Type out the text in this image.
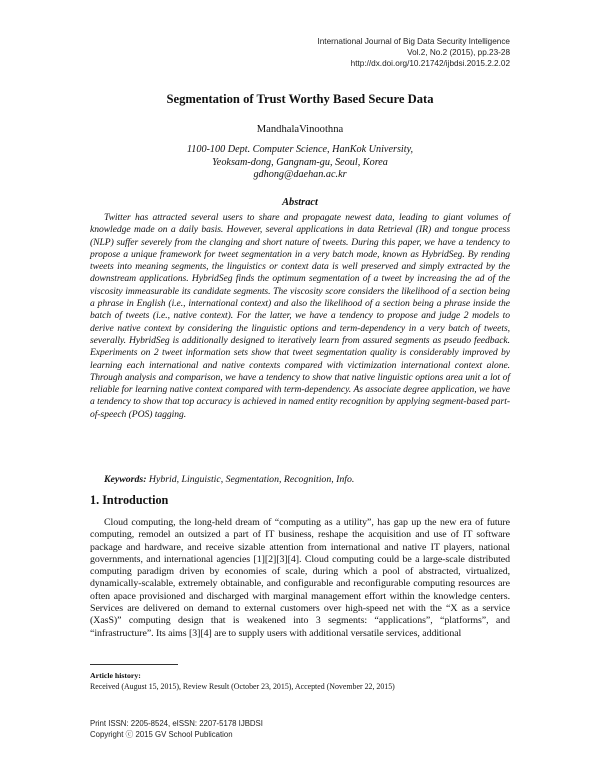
International Journal of Big Data Security Intelligence
Vol.2, No.2 (2015), pp.23-28
http://dx.doi.org/10.21742/ijbdsi.2015.2.2.02
Segmentation of Trust Worthy Based Secure Data
MandhalaVinoothna
1100-100 Dept. Computer Science, HanKok University,
Yeoksam-dong, Gangnam-gu, Seoul, Korea
gdhong@daehan.ac.kr
Abstract

Twitter has attracted several users to share and propagate newest data, leading to giant volumes of knowledge made on a daily basis. However, several applications in data Retrieval (IR) and tongue process (NLP) suffer severely from the clanging and short nature of tweets. During this paper, we have a tendency to propose a unique framework for tweet segmentation in a very batch mode, known as HybridSeg. By rending tweets into meaning segments, the linguistics or context data is well preserved and simply extracted by the downstream applications. HybridSeg finds the optimum segmentation of a tweet by increasing the ad of the viscosity immeasurable its candidate segments. The viscosity score considers the likelihood of a section being a phrase in English (i.e., international context) and also the likelihood of a section being a phrase inside the batch of tweets (i.e., native context). For the latter, we have a tendency to propose and judge 2 models to derive native context by considering the linguistic options and term-dependency in a very batch of tweets, severally. HybridSeg is additionally designed to iteratively learn from assured segments as pseudo feedback. Experiments on 2 tweet information sets show that tweet segmentation quality is considerably improved by learning each international and native contexts compared with victimization international context alone. Through analysis and comparison, we have a tendency to show that native linguistic options area unit a lot of reliable for learning native context compared with term-dependency. As associate degree application, we have a tendency to show that top accuracy is achieved in named entity recognition by applying segment-based part-of-speech (POS) tagging.

Keywords: Hybrid, Linguistic, Segmentation, Recognition, Info.
1. Introduction

Cloud computing, the long-held dream of “computing as a utility”, has gap up the new era of future computing, remodel an outsized a part of IT business, reshape the acquisition and use of IT software package and hardware, and receive sizable attention from international and native IT players, national governments, and international agencies [1][2][3][4]. Cloud computing could be a large-scale distributed computing paradigm driven by economies of scale, during which a pool of abstracted, virtualized, dynamically-scalable, extremely obtainable, and configurable and reconfigurable computing resources are often apace provisioned and discharged with marginal management effort within the knowledge centers. Services are delivered on demand to external customers over high-speed net with the “X as a service (XasS)” computing design that is weakened into 3 segments: “applications”, “platforms”, and “infrastructure”. Its aims [3][4] are to supply users with additional versatile services, additional

Article history:
Received (August 15, 2015), Review Result (October 23, 2015), Accepted (November 22, 2015)
Print ISSN: 2205-8524, eISSN: 2207-5178 IJBDSI
Copyright ⓒ 2015 GV School Publication
